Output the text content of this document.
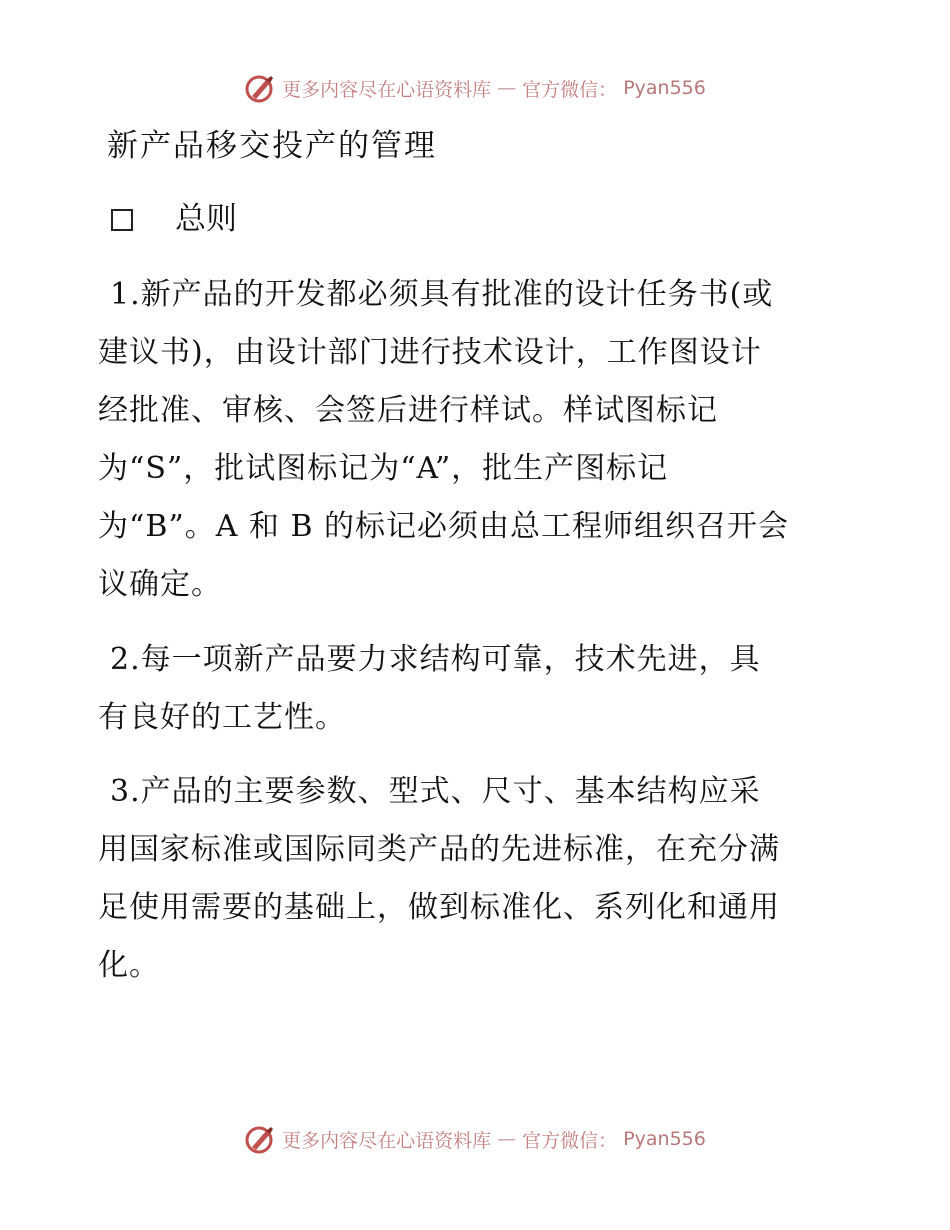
更多内容尽在心语资料库 — 官方微信： Pyan556
新产品移交投产的管理
总则
1.新产品的开发都必须具有批准的设计任务书(或
建议书)，由设计部门进行技术设计，工作图设计
经批准、审核、会签后进行样试。样试图标记
为“S”，批试图标记为“A”，批生产图标记
为“B”。A 和 B 的标记必须由总工程师组织召开会
议确定。
2.每一项新产品要力求结构可靠，技术先进，具
有良好的工艺性。
3.产品的主要参数、型式、尺寸、基本结构应采
用国家标准或国际同类产品的先进标准，在充分满
足使用需要的基础上，做到标准化、系列化和通用
化。
更多内容尽在心语资料库 — 官方微信： Pyan556
